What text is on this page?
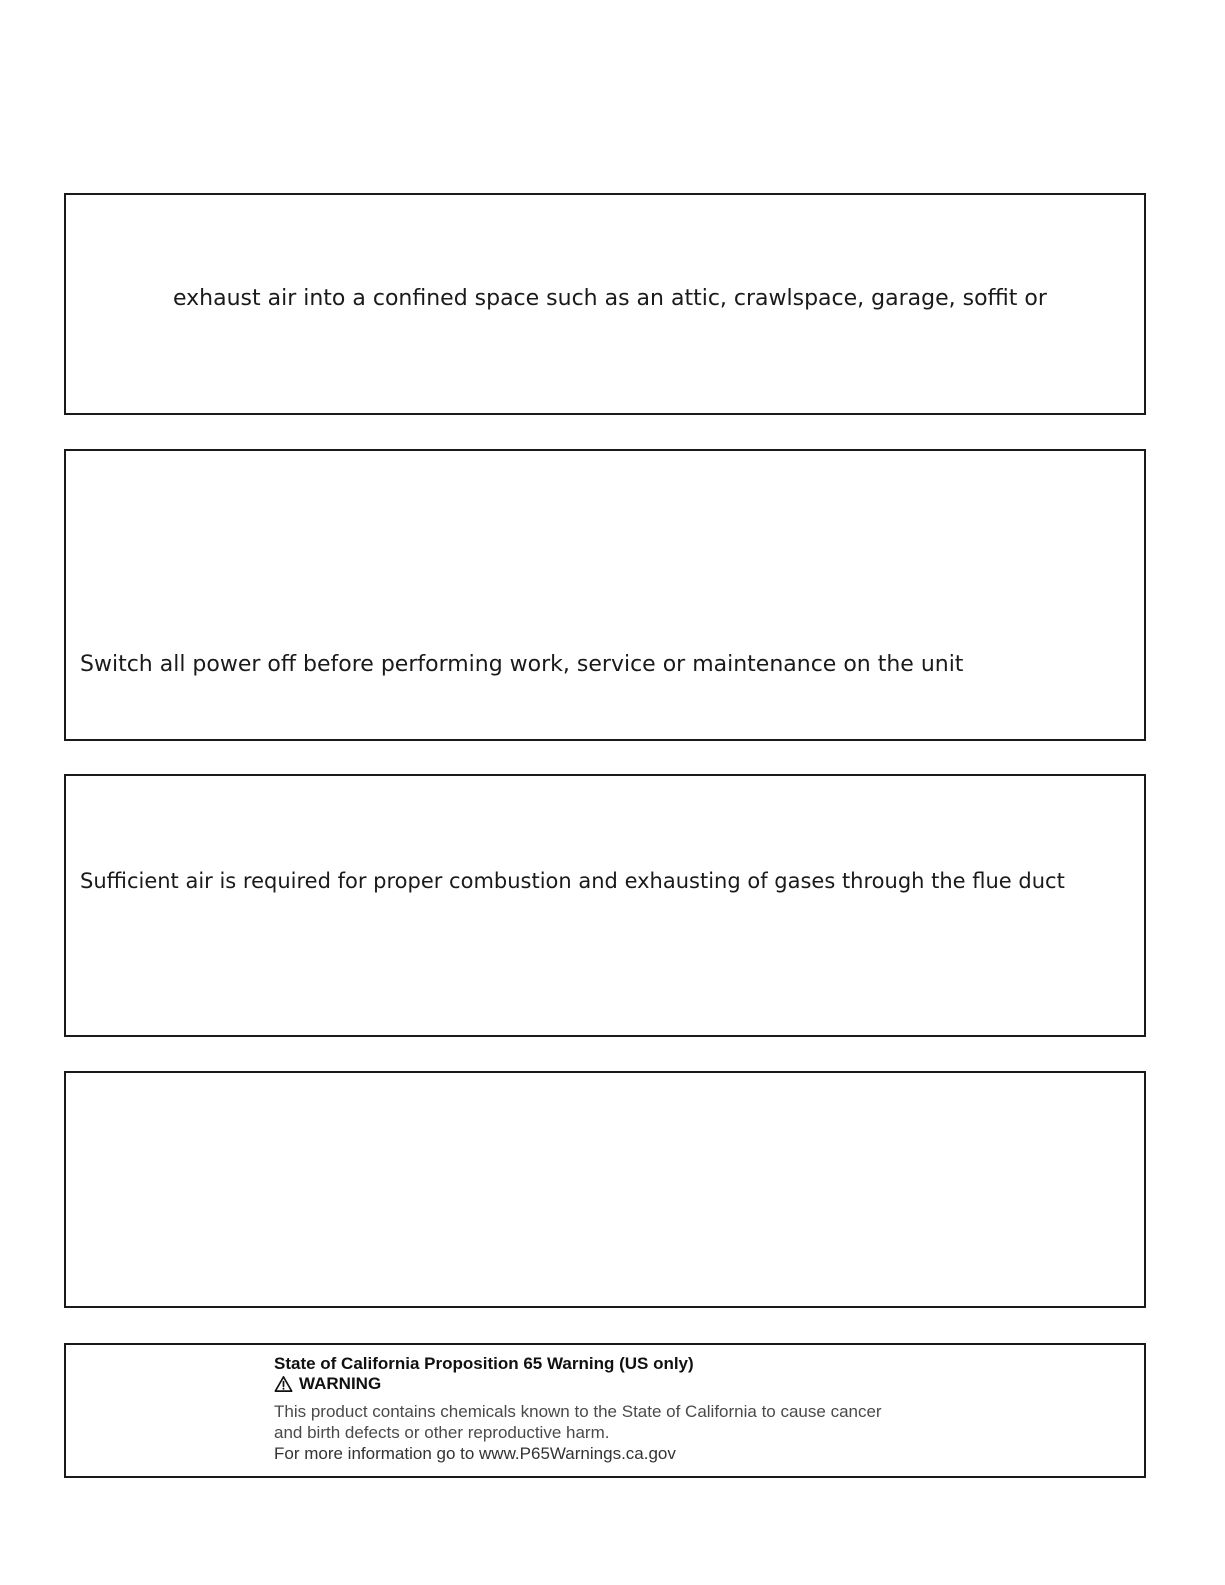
exhaust air into a confined space such as an attic, crawlspace, garage, soffit or
Switch all power off before performing work, service or maintenance on the unit
Sufficient air is required for proper combustion and exhausting of gases through the flue duct
State of California Proposition 65 Warning (US only)
WARNING
This product contains chemicals known to the State of California to cause cancer
and birth defects or other reproductive harm.
For more information go to www.P65Warnings.ca.gov
